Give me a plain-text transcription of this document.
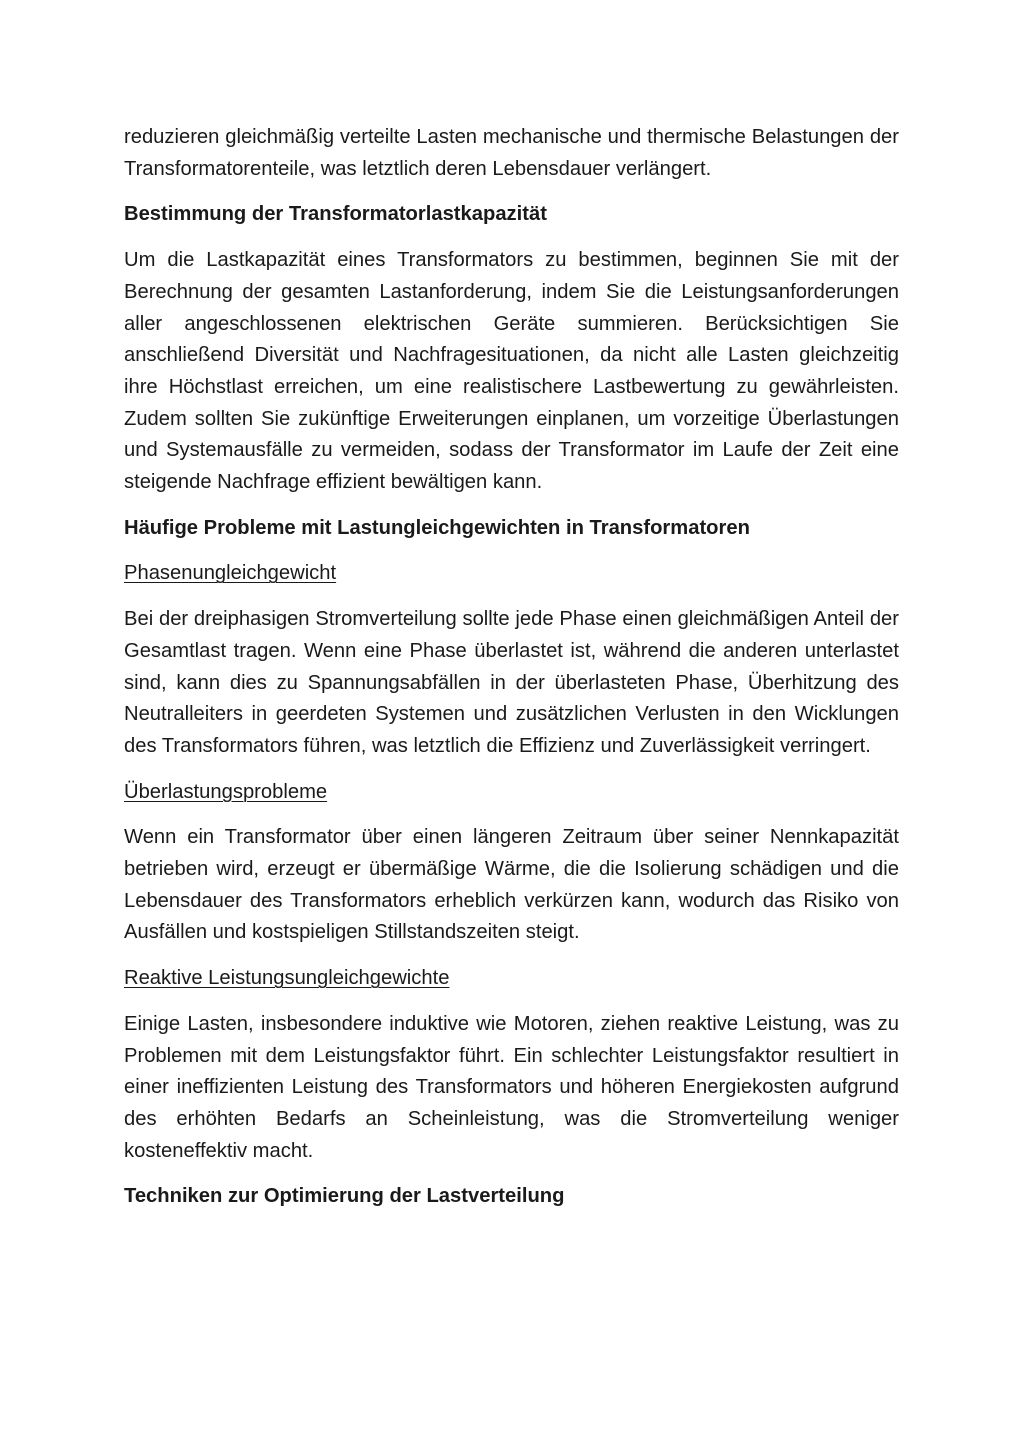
reduzieren gleichmäßig verteilte Lasten mechanische und thermische Belastungen der Transformatorenteile, was letztlich deren Lebensdauer verlängert.

Bestimmung der Transformatorlastkapazität

Um die Lastkapazität eines Transformators zu bestimmen, beginnen Sie mit der Berechnung der gesamten Lastanforderung, indem Sie die Leistungsanforderungen aller angeschlossenen elektrischen Geräte summieren. Berücksichtigen Sie anschließend Diversität und Nachfragesituationen, da nicht alle Lasten gleichzeitig ihre Höchstlast erreichen, um eine realistischere Lastbewertung zu gewährleisten. Zudem sollten Sie zukünftige Erweiterungen einplanen, um vorzeitige Überlastungen und Systemausfälle zu vermeiden, sodass der Transformator im Laufe der Zeit eine steigende Nachfrage effizient bewältigen kann.

Häufige Probleme mit Lastungleichgewichten in Transformatoren

Phasenungleichgewicht

Bei der dreiphasigen Stromverteilung sollte jede Phase einen gleichmäßigen Anteil der Gesamtlast tragen. Wenn eine Phase überlastet ist, während die anderen unterlastet sind, kann dies zu Spannungsabfällen in der überlasteten Phase, Überhitzung des Neutralleiters in geerdeten Systemen und zusätzlichen Verlusten in den Wicklungen des Transformators führen, was letztlich die Effizienz und Zuverlässigkeit verringert.

Überlastungsprobleme

Wenn ein Transformator über einen längeren Zeitraum über seiner Nennkapazität betrieben wird, erzeugt er übermäßige Wärme, die die Isolierung schädigen und die Lebensdauer des Transformators erheblich verkürzen kann, wodurch das Risiko von Ausfällen und kostspieligen Stillstandszeiten steigt.

Reaktive Leistungsungleichgewichte

Einige Lasten, insbesondere induktive wie Motoren, ziehen reaktive Leistung, was zu Problemen mit dem Leistungsfaktor führt. Ein schlechter Leistungsfaktor resultiert in einer ineffizienten Leistung des Transformators und höheren Energiekosten aufgrund des erhöhten Bedarfs an Scheinleistung, was die Stromverteilung weniger kosteneffektiv macht.

Techniken zur Optimierung der Lastverteilung
